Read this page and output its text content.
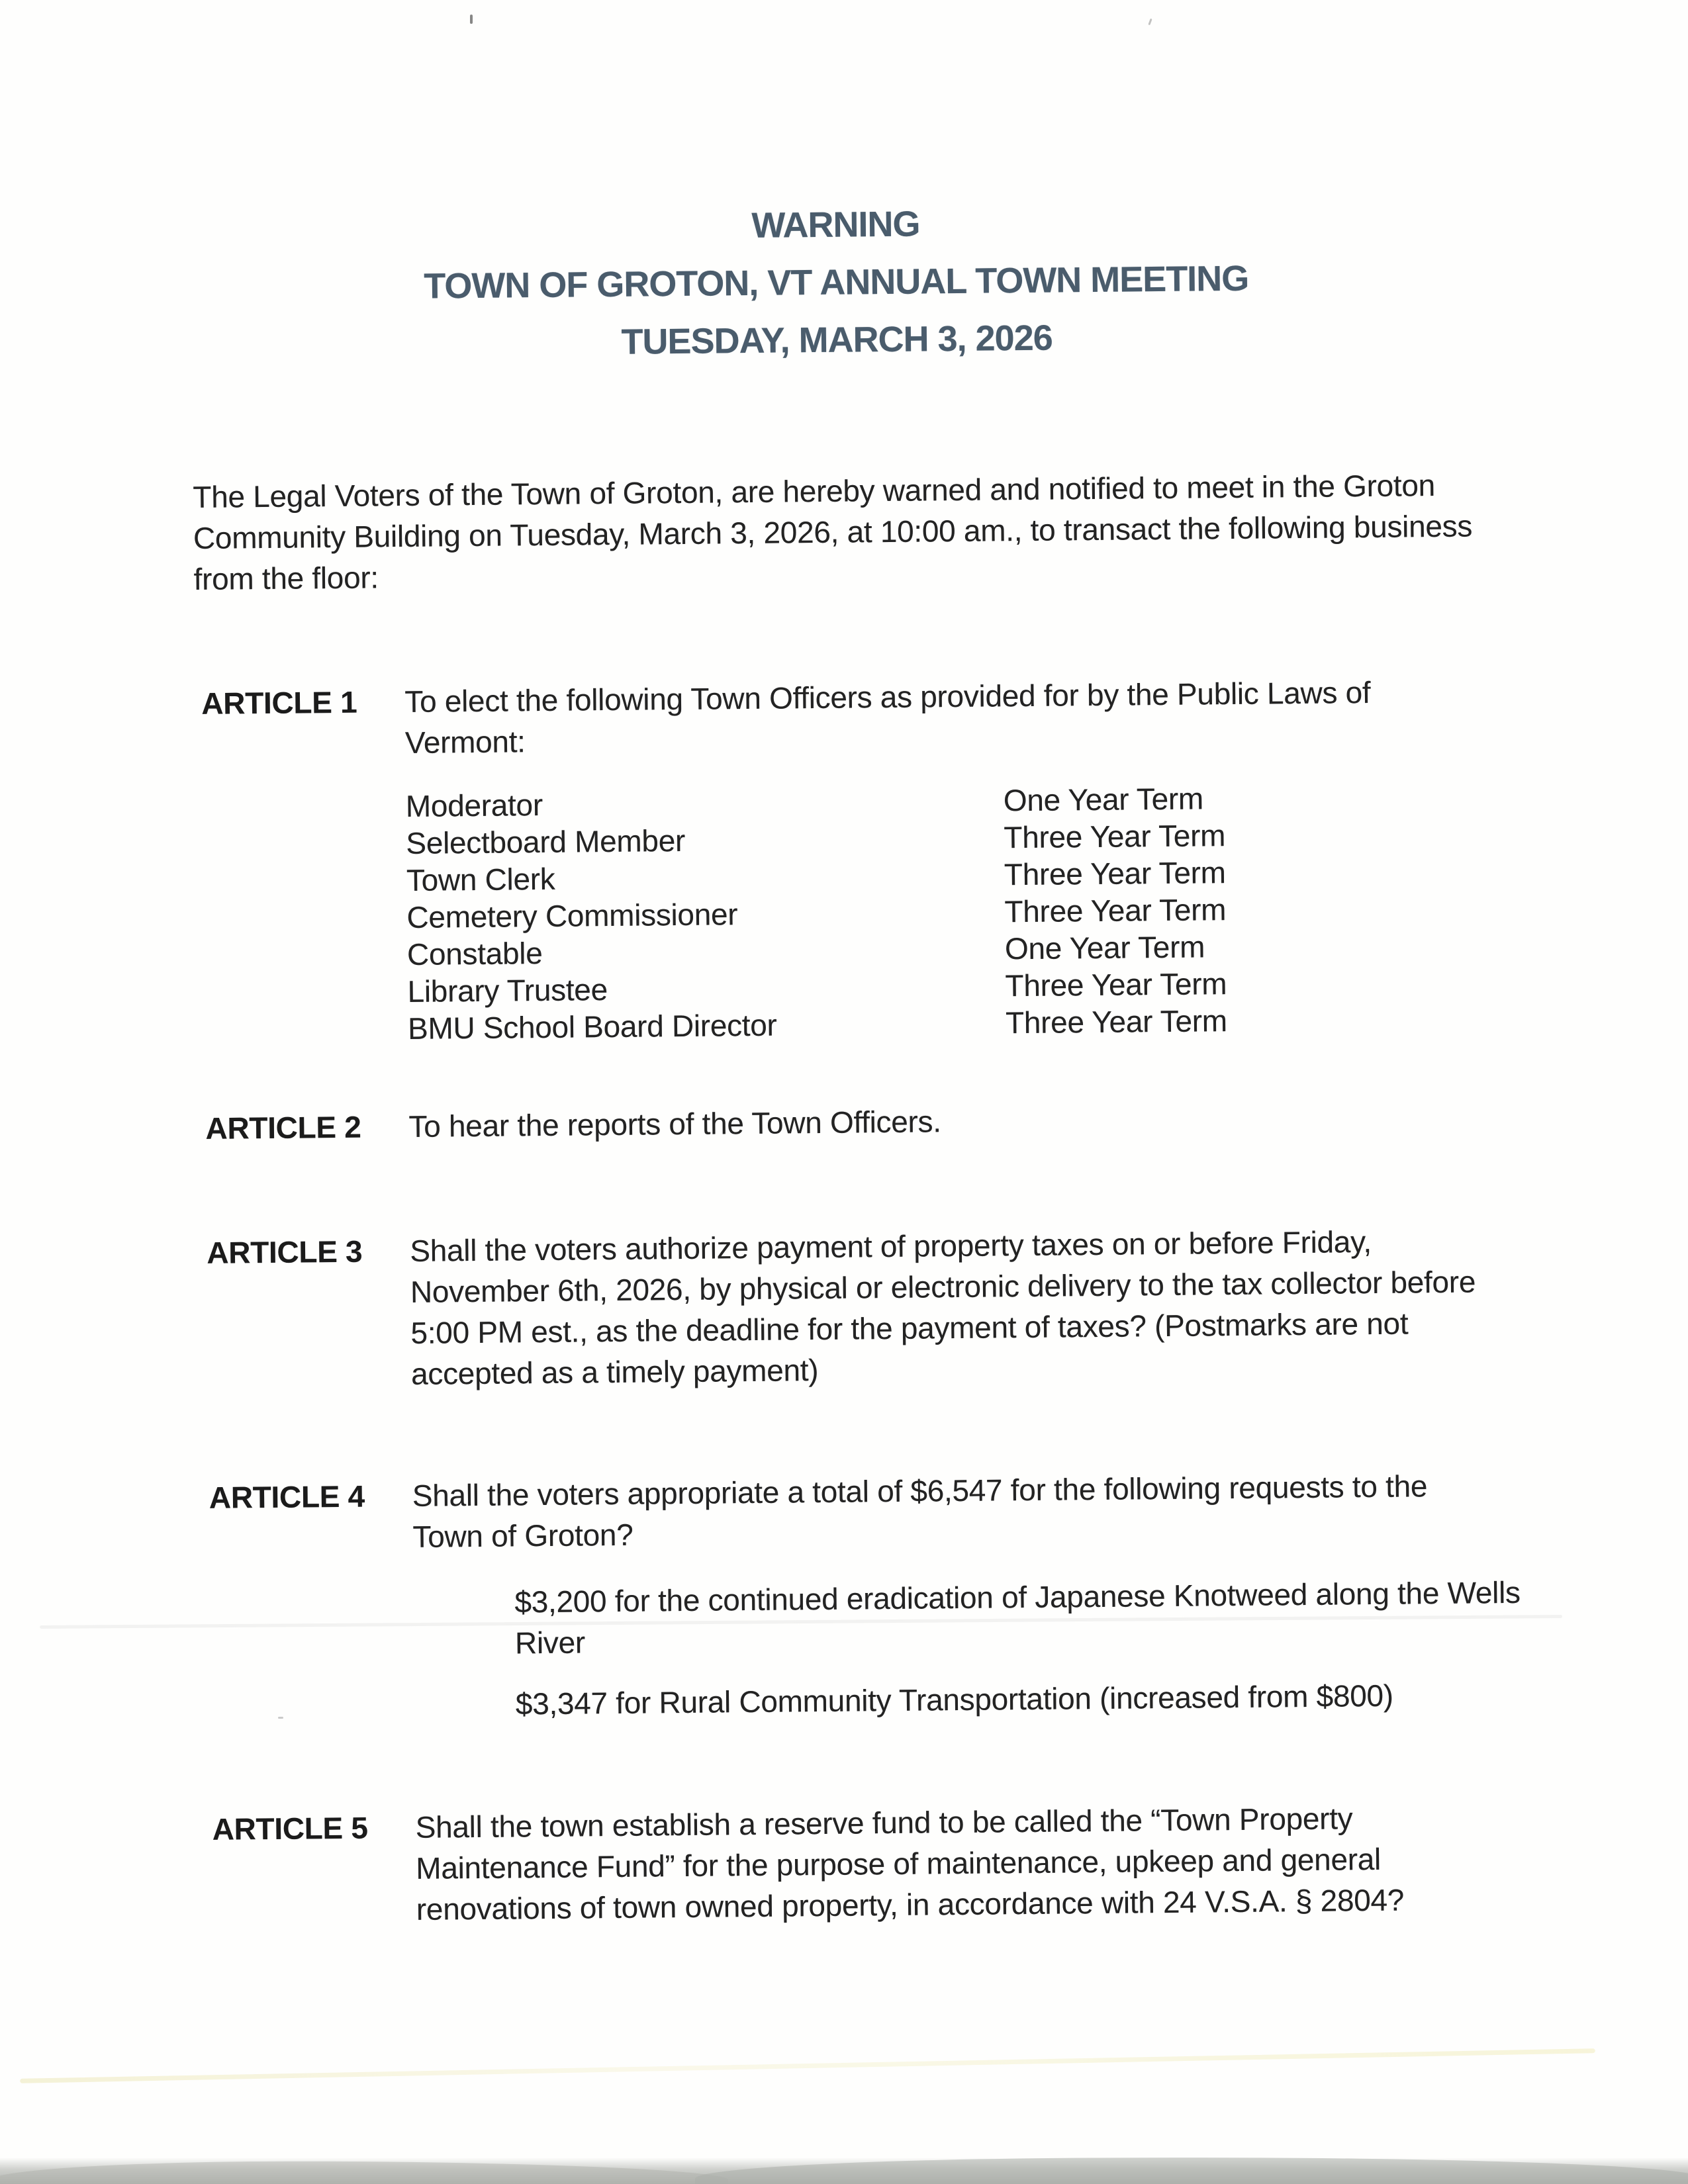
WARNING
TOWN OF GROTON, VT ANNUAL TOWN MEETING
TUESDAY, MARCH 3, 2026

The Legal Voters of the Town of Groton, are hereby warned and notified to meet in the Groton Community Building on Tuesday, March 3, 2026, at 10:00 am., to transact the following business from the floor:

ARTICLE 1	To elect the following Town Officers as provided for by the Public Laws of Vermont:
Moderator	One Year Term
Selectboard Member	Three Year Term
Town Clerk	Three Year Term
Cemetery Commissioner	Three Year Term
Constable	One Year Term
Library Trustee	Three Year Term
BMU School Board Director	Three Year Term
ARTICLE 2	To hear the reports of the Town Officers.
ARTICLE 3	Shall the voters authorize payment of property taxes on or before Friday, November 6th, 2026, by physical or electronic delivery to the tax collector before 5:00 PM est., as the deadline for the payment of taxes? (Postmarks are not accepted as a timely payment)
ARTICLE 4	Shall the voters appropriate a total of $6,547 for the following requests to the Town of Groton?

$3,200 for the continued eradication of Japanese Knotweed along the Wells River

$3,347 for Rural Community Transportation (increased from $800)

ARTICLE 5	Shall the town establish a reserve fund to be called the “Town Property Maintenance Fund” for the purpose of maintenance, upkeep and general renovations of town owned property, in accordance with 24 V.S.A. § 2804?
